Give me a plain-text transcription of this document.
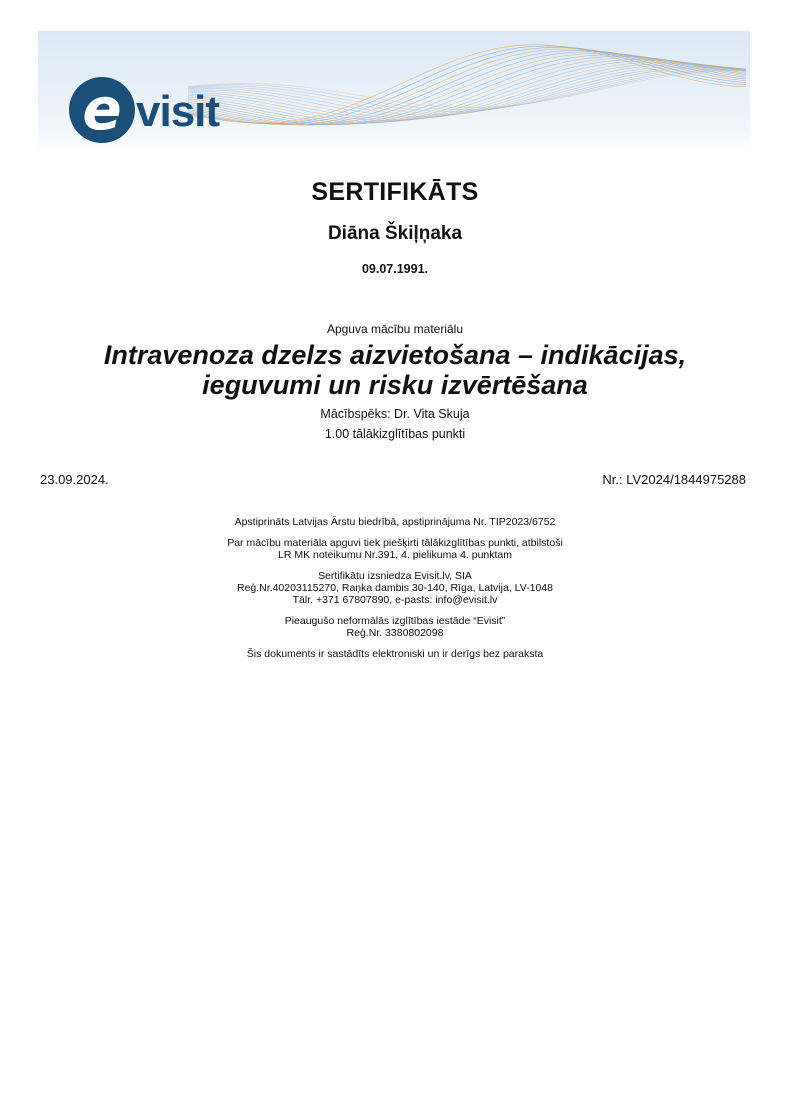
e visit
SERTIFIKĀTS
Diāna Škiļņaka
09.07.1991.
Apguva mācību materiālu
Intravenoza dzelzs aizvietošana – indikācijas,
ieguvumi un risku izvērtēšana
Mācībspēks: Dr. Vita Skuja
1.00 tālākizglītības punkti
23.09.2024.	Nr.: LV2024/1844975288

Apstiprināts Latvijas Ārstu biedrībā, apstiprinājuma Nr. TIP2023/6752

Par mācību materiāla apguvi tiek piešķirti tālākizglītības punkti, atbilstoši
LR MK noteikumu Nr.391, 4. pielikuma 4. punktam

Sertifikātu izsniedza Evisit.lv, SIA
Reģ.Nr.40203115270, Raņka dambis 30-140, Rīga, Latvija, LV-1048
Tālr. +371 67807890, e-pasts: info@evisit.lv

Pieaugušo neformālās izglītības iestāde “Evisit”
Reģ.Nr. 3380802098

Šis dokuments ir sastādīts elektroniski un ir derīgs bez paraksta
